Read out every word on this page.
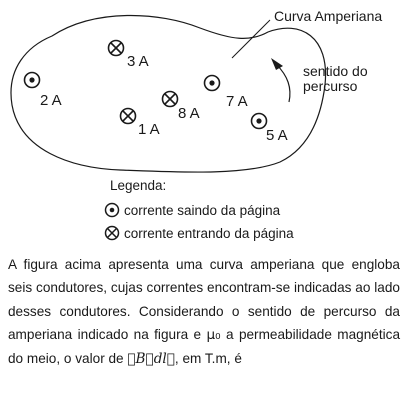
Curva Amperiana
sentido do
percurso
3 A
2 A
1 A
8 A
7 A
5 A
Legenda:
corrente saindo da página
corrente entrando da página

A figura acima apresenta uma curva amperiana que engloba seis condutores, cujas correntes encontram-se indicadas ao lado desses condutores. Considerando o sentido de percurso da amperiana indicado na figura e μ₀ a permeabilidade magnética do meio, o valor de ∮B⃗dl⃗, em T.m, é
